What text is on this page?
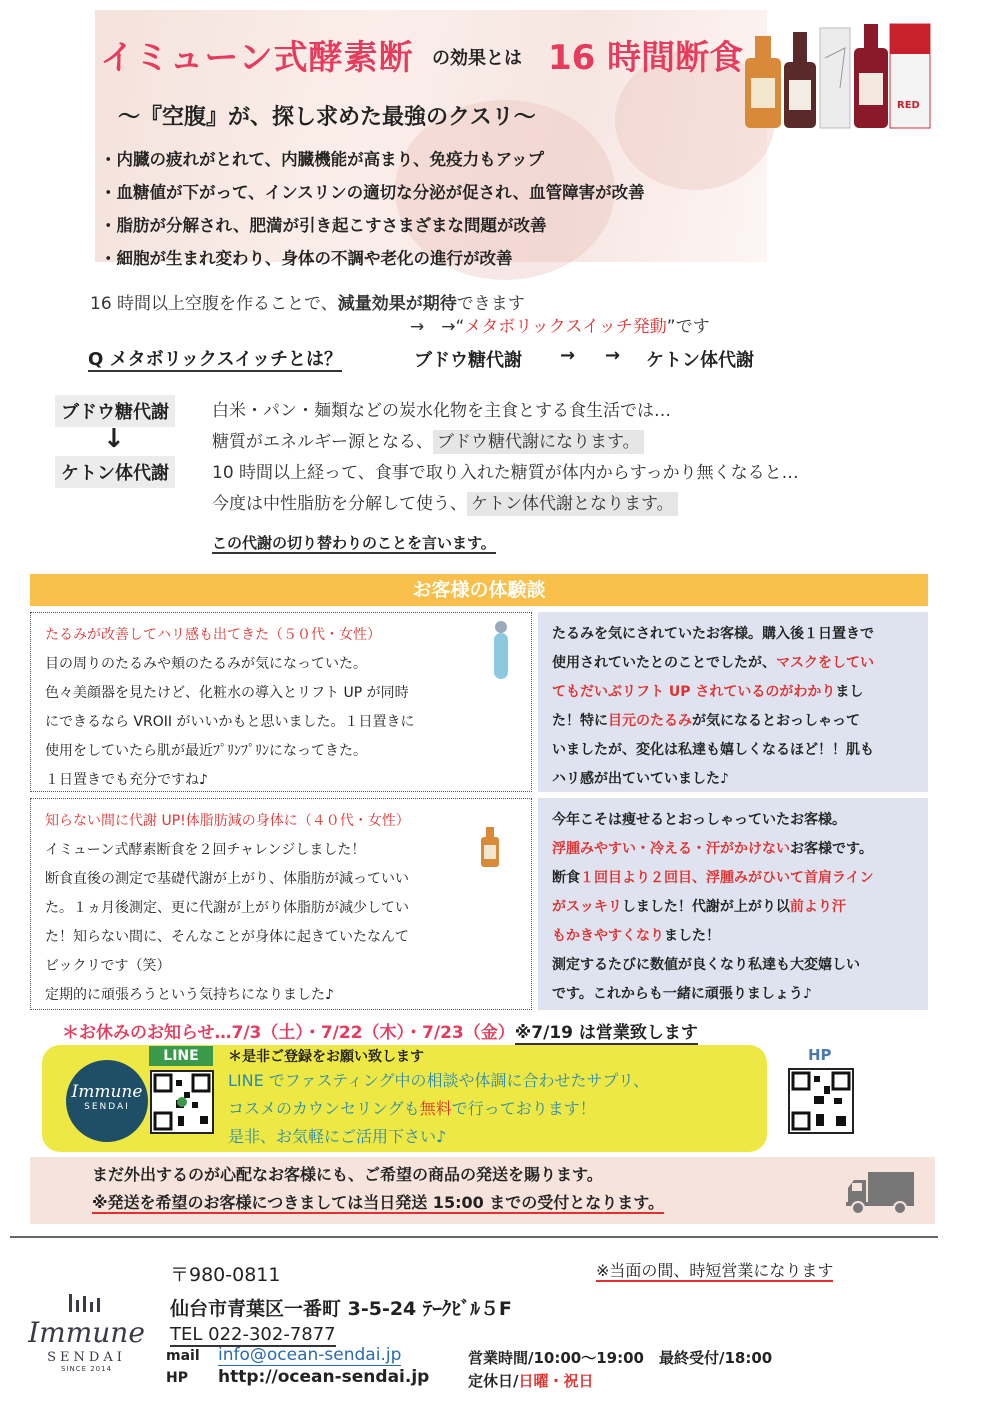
イミューン式酵素断 の効果とは 16 時間断食
RED
～『空腹』が、探し求めた最強のクスリ～
・内臓の疲れがとれて、内臓機能が高まり、免疫力もアップ
・血糖値が下がって、インスリンの適切な分泌が促され、血管障害が改善
・脂肪が分解され、肥満が引き起こすさまざまな問題が改善
・細胞が生まれ変わり、身体の不調や老化の進行が改善
16 時間以上空腹を作ることで、減量効果が期待できます
→　→“メタボリックスイッチ発動”です
Q メタボリックスイッチとは？	ブドウ糖代謝	→ →	ケトン体代謝
ブドウ糖代謝
↓
ケトン体代謝
白米・パン・麺類などの炭水化物を主食とする食生活では…
糖質がエネルギー源となる、 ブドウ糖代謝になります。
10 時間以上経って、食事で取り入れた糖質が体内からすっかり無くなると…
今度は中性脂肪を分解して使う、 ケトン体代謝となります。
この代謝の切り替わりのことを言います。
お客様の体験談
たるみが改善してハリ感も出てきた（５０代・女性）
目の周りのたるみや頬のたるみが気になっていた。
色々美顔器を見たけど、化粧水の導入とリフト UP が同時
にできるなら VROII がいいかもと思いました。１日置きに
使用をしていたら肌が最近ﾌﾟﾘﾝﾌﾟﾘﾝになってきた。
１日置きでも充分ですね♪
たるみを気にされていたお客様。購入後１日置きで
使用されていたとのことでしたが、マスクをしてい
てもだいぶリフト UP されているのがわかりまし
た！特に目元のたるみが気になるとおっしゃって
いましたが、変化は私達も嬉しくなるほど！！肌も
ハリ感が出ていていました♪
知らない間に代謝 UP!体脂肪減の身体に（４０代・女性）
イミューン式酵素断食を２回チャレンジしました！
断食直後の測定で基礎代謝が上がり、体脂肪が減っていい
た。１ヵ月後測定、更に代謝が上がり体脂肪が減少してい
た！知らない間に、そんなことが身体に起きていたなんて
ビックリです（笑）
定期的に頑張ろうという気持ちになりました♪
今年こそは痩せるとおっしゃっていたお客様。
浮腫みやすい・冷える・汗がかけないお客様です。
断食１回目より２回目、浮腫みがひいて首肩ライン
がスッキリしました！代謝が上がり以前より汗
もかきやすくなりました！
測定するたびに数値が良くなり私達も大変嬉しい
です。これからも一緒に頑張りましょう♪
＊お休みのお知らせ…7/3（土）・7/22（木）・7/23（金）※7/19 は営業致します
Immune
SENDAI
LINE	＊是非ご登録をお願い致します
LINE でファスティング中の相談や体調に合わせたサプリ、
コスメのカウンセリングも無料で行っております！
是非、お気軽にご活用下さい♪
HP
まだ外出するのが心配なお客様にも、ご希望の商品の発送を賜ります。
※発送を希望のお客様につきましては当日発送 15:00 までの受付となります。
Immune
SENDAI
SINCE 2014
〒980-0811
仙台市青葉区一番町 3-5-24 ﾃｰｸﾋﾞﾙ５F
TEL 022-302-7877
mail info@ocean-sendai.jp
HP http://ocean-sendai.jp
※当面の間、時短営業になります
営業時間/10:00～19:00　最終受付/18:00
定休日/日曜・祝日
